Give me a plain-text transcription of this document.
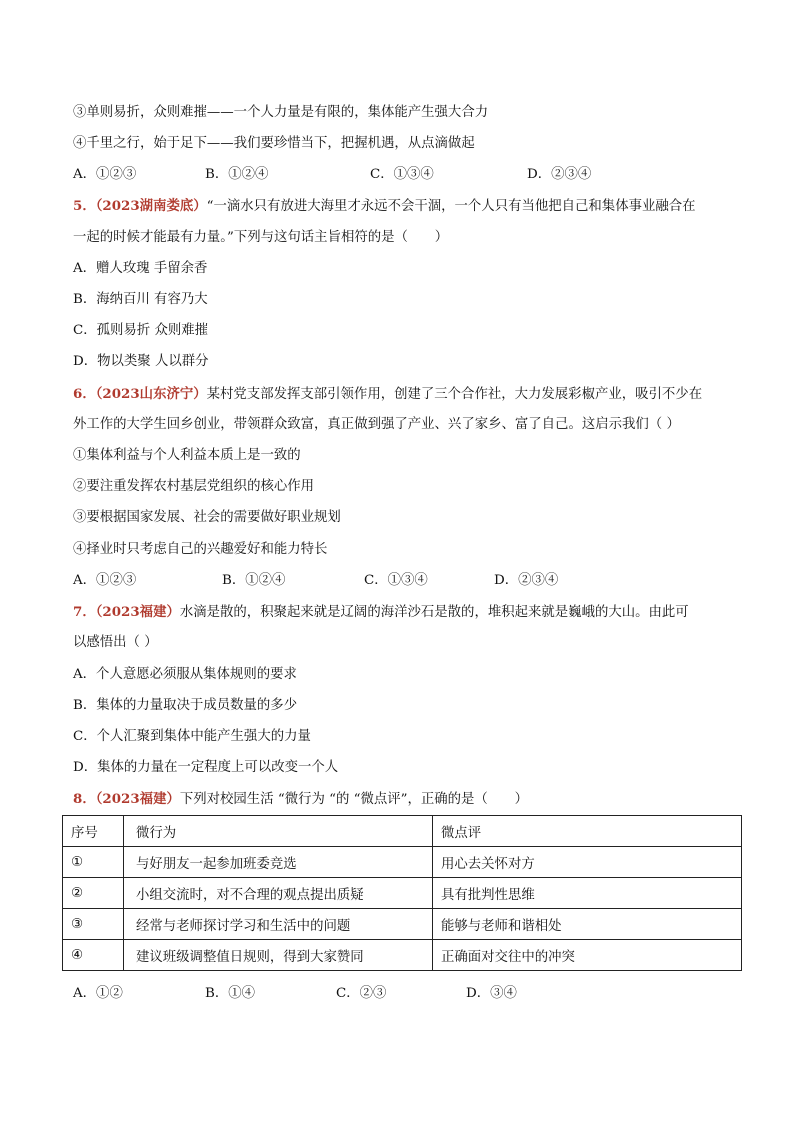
③单则易折，众则难摧——一个人力量是有限的，集体能产生强大合力
④千里之行，始于足下——我们要珍惜当下，把握机遇，从点滴做起
A．①②③	B．①②④	C．①③④	D．②③④
5．（2023湖南娄底）“一滴水只有放进大海里才永远不会干涸，一个人只有当他把自己和集体事业融合在
一起的时候才能最有力量。”下列与这句话主旨相符的是（　　）
A．赠人玫瑰 手留余香
B．海纳百川 有容乃大
C．孤则易折 众则难摧
D．物以类聚 人以群分
6．（2023山东济宁）某村党支部发挥支部引领作用，创建了三个合作社，大力发展彩椒产业，吸引不少在
外工作的大学生回乡创业，带领群众致富，真正做到强了产业、兴了家乡、富了自己。这启示我们（ ）
①集体利益与个人利益本质上是一致的
②要注重发挥农村基层党组织的核心作用
③要根据国家发展、社会的需要做好职业规划
④择业时只考虑自己的兴趣爱好和能力特长
A．①②③	B．①②④	C．①③④	D．②③④
7．（2023福建）水滴是散的，积聚起来就是辽阔的海洋沙石是散的，堆积起来就是巍峨的大山。由此可
以感悟出（ ）
A．个人意愿必须服从集体规则的要求
B．集体的力量取决于成员数量的多少
C．个人汇聚到集体中能产生强大的力量
D．集体的力量在一定程度上可以改变一个人
8．（2023福建）下列对校园生活 “微行为 “的 “微点评”，正确的是（　　）
序号	微行为	微点评
①	与好朋友一起参加班委竞选	用心去关怀对方
②	小组交流时，对不合理的观点提出质疑	具有批判性思维
③	经常与老师探讨学习和生活中的问题	能够与老师和谐相处
④	建议班级调整值日规则，得到大家赞同	正确面对交往中的冲突
A．①②	B．①④	C．②③	D．③④
